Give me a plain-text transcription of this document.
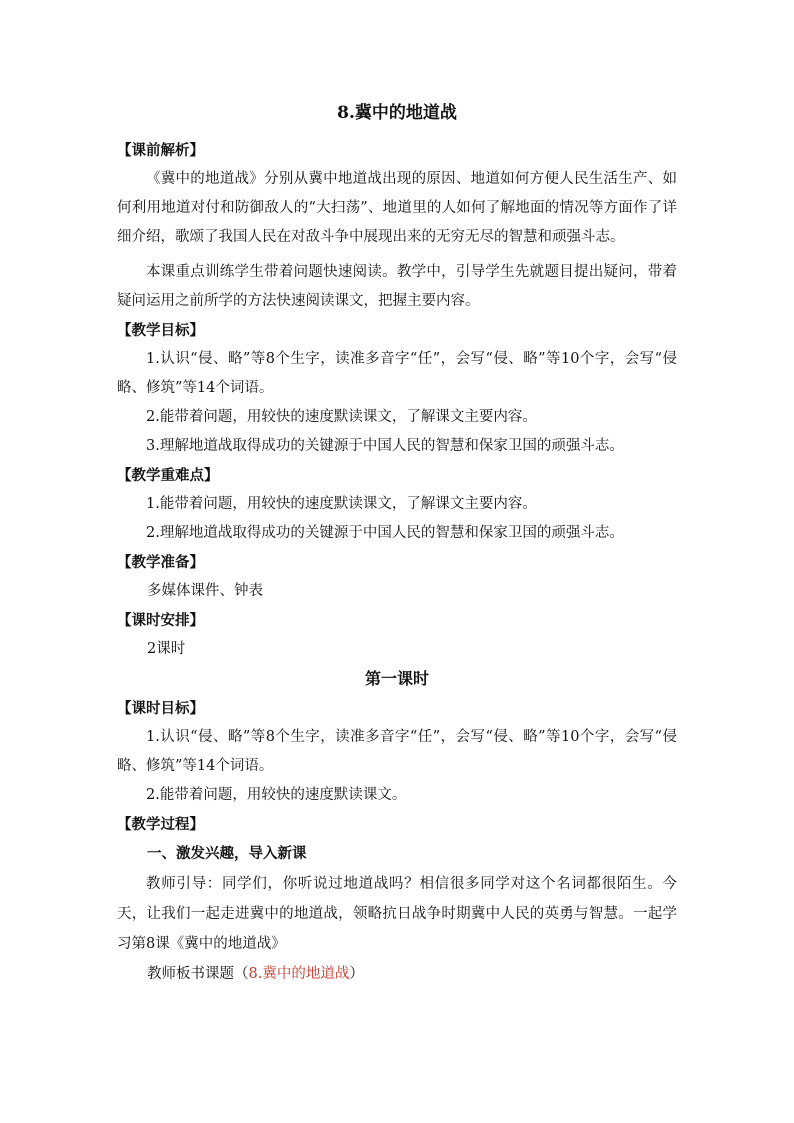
8.冀中的地道战

【课前解析】

《冀中的地道战》分别从冀中地道战出现的原因、地道如何方便人民生活生产、如何利用地道对付和防御敌人的“大扫荡”、地道里的人如何了解地面的情况等方面作了详细介绍，歌颂了我国人民在对敌斗争中展现出来的无穷无尽的智慧和顽强斗志。

本课重点训练学生带着问题快速阅读。教学中，引导学生先就题目提出疑问，带着疑问运用之前所学的方法快速阅读课文，把握主要内容。

【教学目标】

1.认识“侵、略”等8个生字，读准多音字“任”，会写“侵、略”等10个字，会写“侵略、修筑”等14个词语。

2.能带着问题，用较快的速度默读课文，了解课文主要内容。

3.理解地道战取得成功的关键源于中国人民的智慧和保家卫国的顽强斗志。

【教学重难点】

1.能带着问题，用较快的速度默读课文，了解课文主要内容。

2.理解地道战取得成功的关键源于中国人民的智慧和保家卫国的顽强斗志。

【教学准备】

多媒体课件、钟表

【课时安排】

2课时

第一课时

【课时目标】

1.认识“侵、略”等8个生字，读准多音字“任”，会写“侵、略”等10个字，会写“侵略、修筑”等14个词语。

2.能带着问题，用较快的速度默读课文。

【教学过程】

一、激发兴趣，导入新课

教师引导：同学们，你听说过地道战吗？相信很多同学对这个名词都很陌生。今天，让我们一起走进冀中的地道战，领略抗日战争时期冀中人民的英勇与智慧。一起学习第8课《冀中的地道战》

教师板书课题（8.冀中的地道战）
